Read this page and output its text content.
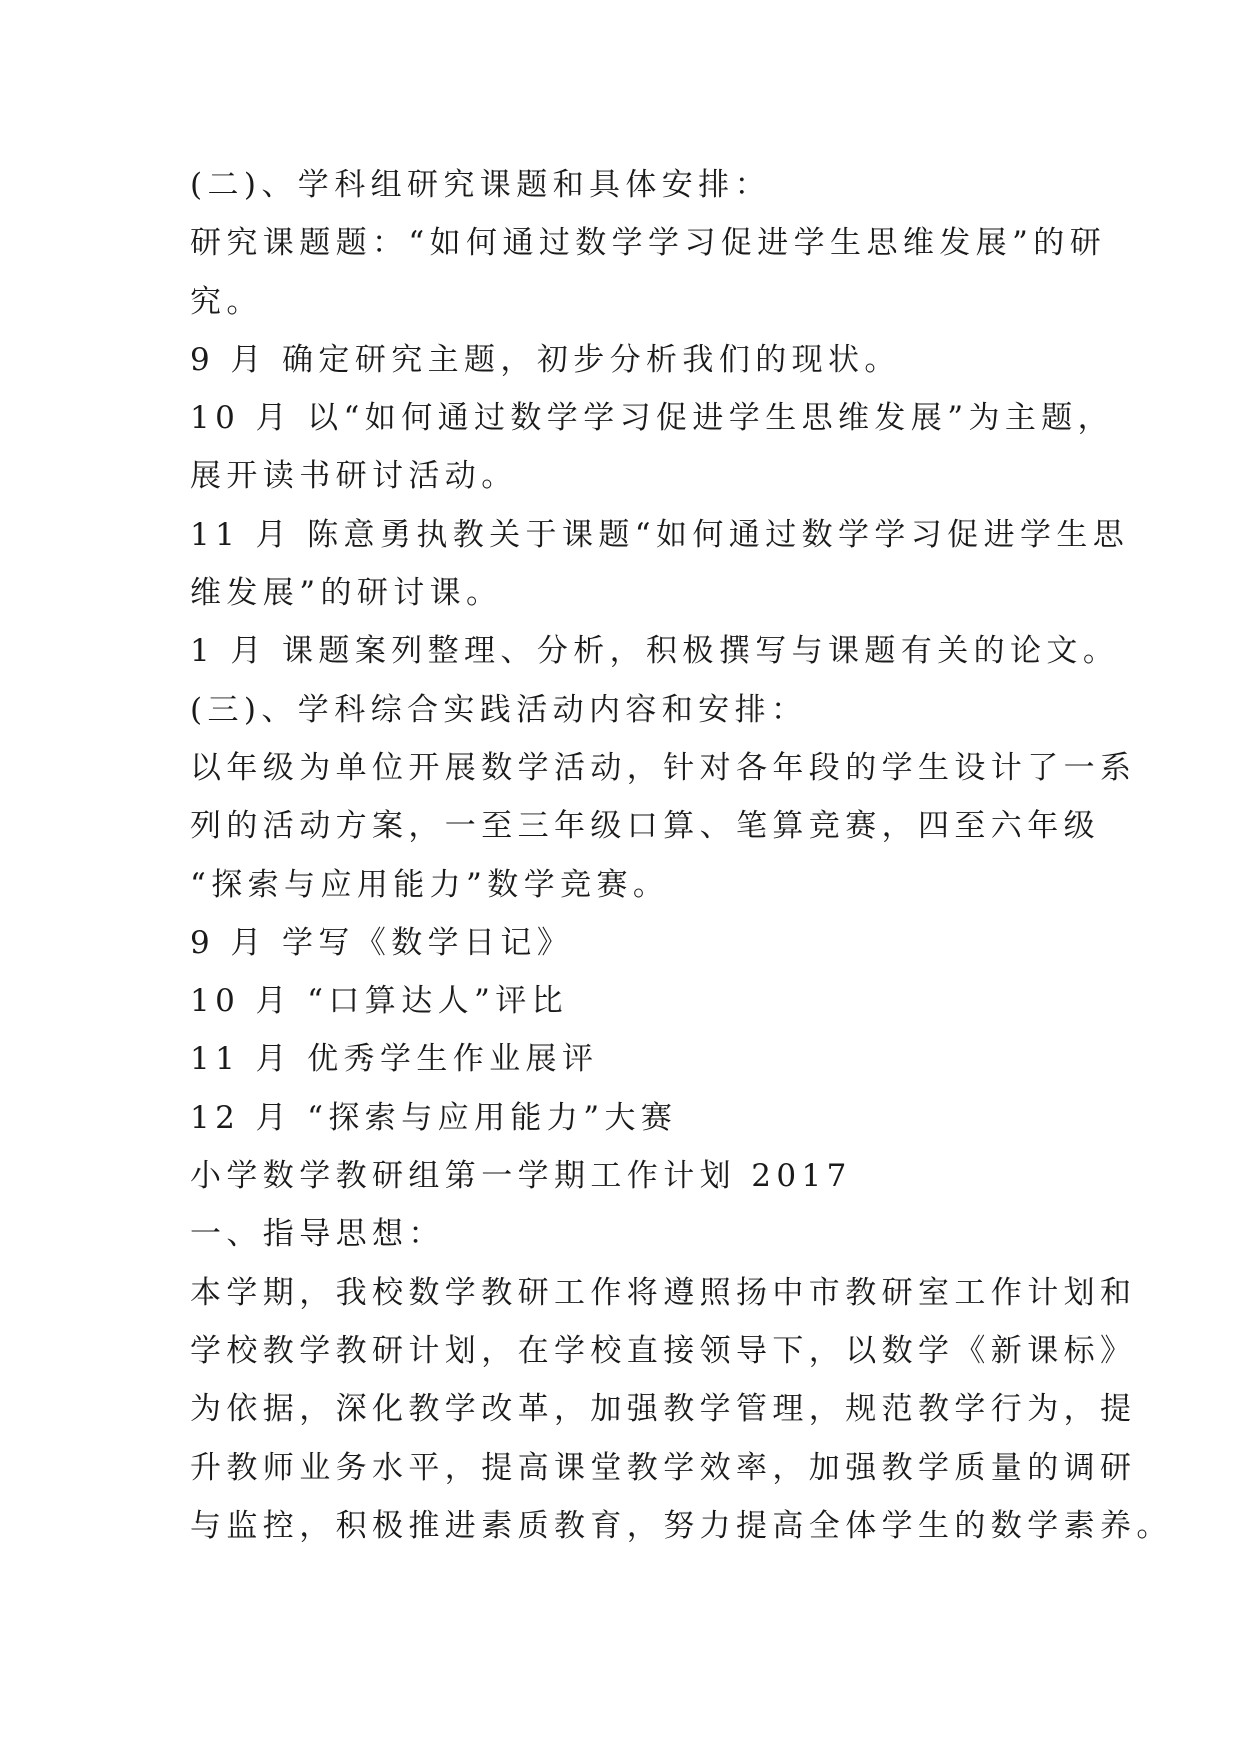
(二)、学科组研究课题和具体安排：
研究课题题：“如何通过数学学习促进学生思维发展”的研
究。
9 月 确定研究主题，初步分析我们的现状。
10 月 以“如何通过数学学习促进学生思维发展”为主题，
展开读书研讨活动。
11 月 陈意勇执教关于课题“如何通过数学学习促进学生思
维发展”的研讨课。
1 月 课题案列整理、分析，积极撰写与课题有关的论文。
(三)、学科综合实践活动内容和安排：
以年级为单位开展数学活动，针对各年段的学生设计了一系
列的活动方案，一至三年级口算、笔算竞赛，四至六年级
“探索与应用能力”数学竞赛。
9 月 学写《数学日记》
10 月 “口算达人”评比
11 月 优秀学生作业展评
12 月 “探索与应用能力”大赛
小学数学教研组第一学期工作计划 2017
一、指导思想：
本学期，我校数学教研工作将遵照扬中市教研室工作计划和
学校教学教研计划，在学校直接领导下，以数学《新课标》
为依据，深化教学改革，加强教学管理，规范教学行为，提
升教师业务水平，提高课堂教学效率，加强教学质量的调研
与监控，积极推进素质教育，努力提高全体学生的数学素养。
